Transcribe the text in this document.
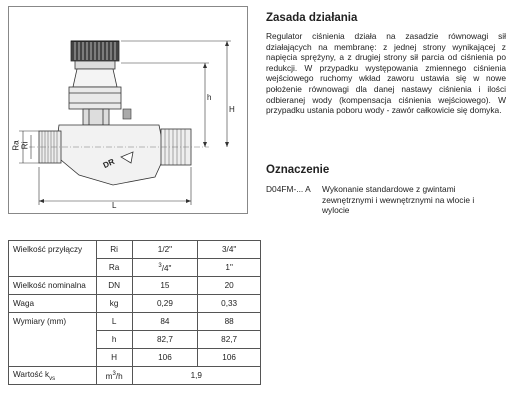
H
h
L
Ra Ri
DR
Zasada działania

Regulator ciśnienia działa na zasadzie równowagi sił działających na membranę: z jednej strony wynikającej z napięcia sprężyny, a z drugiej strony sił parcia od ciśnienia po redukcji. W przypadku występowania zmiennego ciśnienia wejściowego ruchomy wkład zaworu ustawia się w nowe położenie równowagi dla danej nastawy ciśnienia i ilości odbieranej wody (kompensacja ciśnienia wejściowego). W przypadku ustania poboru wody - zawór całkowicie się domyka.

Oznaczenie
D04FM-... A Wykonanie standardowe z gwintami zewnętrznymi i wewnętrznymi na wlocie i wylocie
Wielkość przyłączy	Ri	1/2"	3/4"
	Ra	$^3$/4"	1"
Wielkość nominalna	DN	15	20
Waga	kg	0,29	0,33
Wymiary (mm)	L	84	88
	h	82,7	82,7
	H	106	106
Wartość $k_{vs}$	$m^3/h$	1,9	
